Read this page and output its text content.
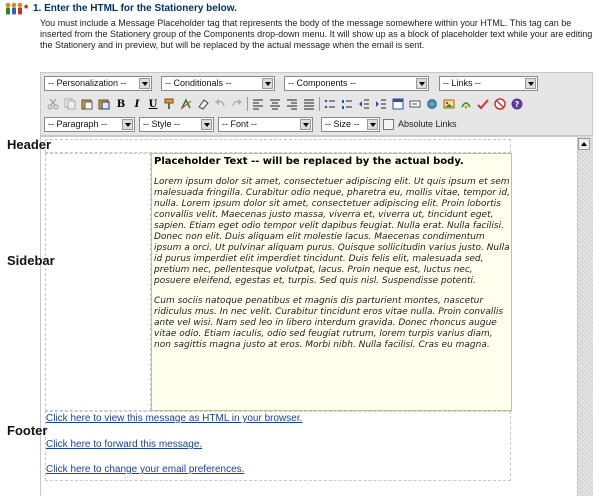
* 1. Enter the HTML for the Stationery below.
You must include a Message Placeholder tag that represents the body of the message somewhere within your HTML. This tag can be inserted from the Stationery group of the Components drop-down menu. It will show up as a block of placeholder text while your are editing the Stationery and in preview, but will be replaced by the actual message when the email is sent.
-- Personalization --	-- Conditionals --	-- Components --	-- Links --
B I U	?
-- Paragraph --	-- Style --	-- Font --	-- Size --	Absolute Links
Header
Sidebar
Footer
Placeholder Text -- will be replaced by the actual body.
Lorem ipsum dolor sit amet, consectetuer adipiscing elit. Ut quis ipsum et sem malesuada fringilla. Curabitur odio neque, pharetra eu, mollis vitae, tempor id, nulla. Lorem ipsum dolor sit amet, consectetuer adipiscing elit. Proin lobortis convallis velit. Maecenas justo massa, viverra et, viverra ut, tincidunt eget, sapien. Etiam eget odio tempor velit dapibus feugiat. Nulla erat. Nulla facilisi. Donec non elit. Duis aliquam elit molestie lacus. Maecenas condimentum ipsum a orci. Ut pulvinar aliquam purus. Quisque sollicitudin varius justo. Nulla id purus imperdiet elit imperdiet tincidunt. Duis felis elit, malesuada sed, pretium nec, pellentesque volutpat, lacus. Proin neque est, luctus nec, posuere eleifend, egestas et, turpis. Sed quis nisl. Suspendisse potenti.
Cum sociis natoque penatibus et magnis dis parturient montes, nascetur ridiculus mus. In nec velit. Curabitur tincidunt eros vitae nulla. Proin convallis ante vel wisi. Nam sed leo in libero interdum gravida. Donec rhoncus augue vitae odio. Etiam iaculis, odio sed feugiat rutrum, lorem turpis varius diam, non sagittis magna justo at eros. Morbi nibh. Nulla facilisi. Cras eu magna.
Click here to view this message as HTML in your browser.
Click here to forward this message.
Click here to change your email preferences.
